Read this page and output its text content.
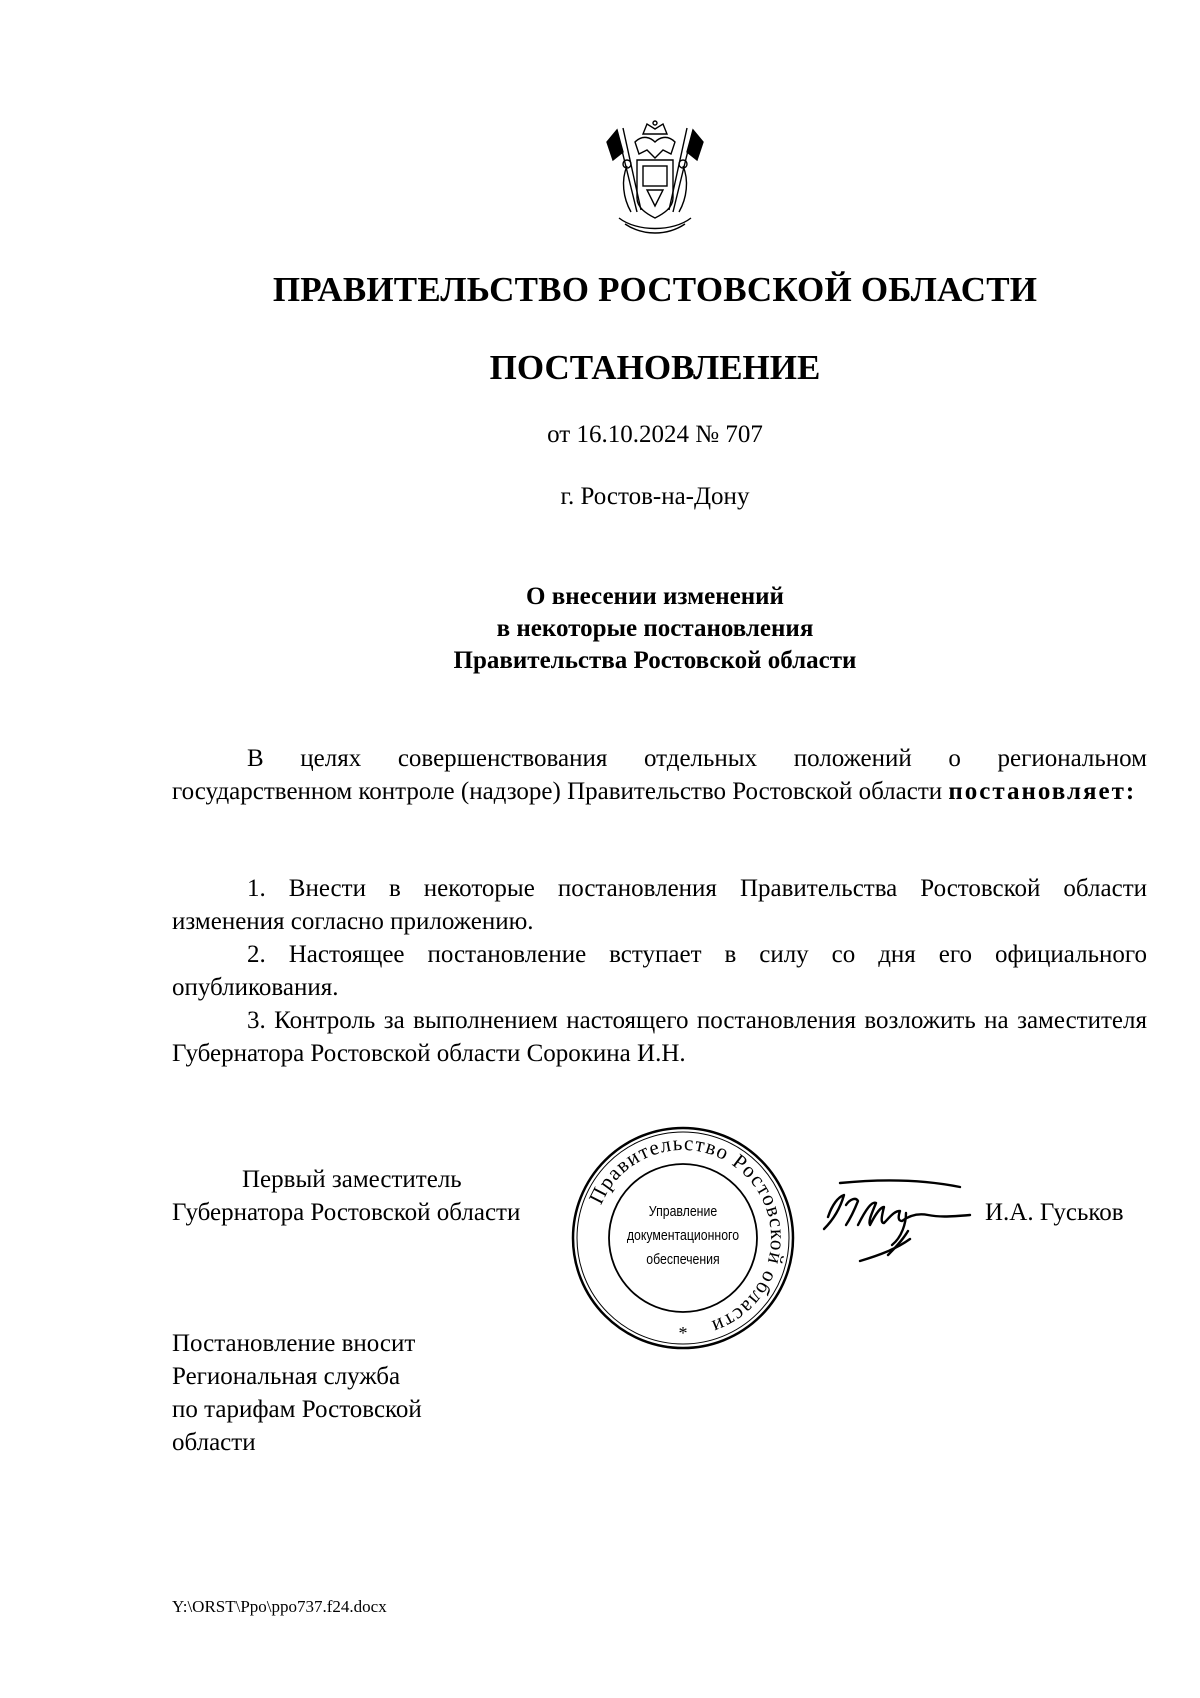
ПРАВИТЕЛЬСТВО РОСТОВСКОЙ ОБЛАСТИ
ПОСТАНОВЛЕНИЕ
от 16.10.2024 № 707
г. Ростов-на-Дону
О внесении изменений
в некоторые постановления
Правительства Ростовской области

В целях совершенствования отдельных положений о региональном государственном контроле (надзоре) Правительство Ростовской области постановляет:

1. Внести в некоторые постановления Правительства Ростовской области изменения согласно приложению.

2. Настоящее постановление вступает в силу со дня его официального опубликования.

3. Контроль за выполнением настоящего постановления возложить на заместителя Губернатора Ростовской области Сорокина И.Н.

Первый заместитель
Губернатора Ростовской области
Правительство Ростовской области
*
Управление
документационного
обеспечения
И.А. Гуськов
Постановление вносит
Региональная служба
по тарифам Ростовской
области
Y:\ORST\Ppo\ppo737.f24.docx
